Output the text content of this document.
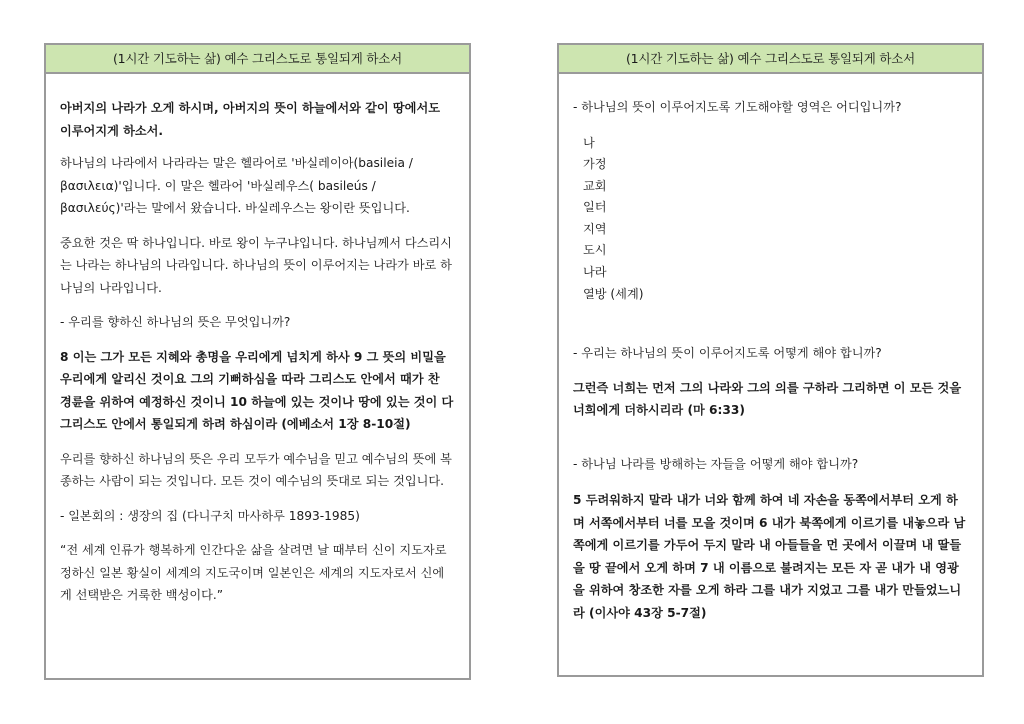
(1시간 기도하는 삶) 예수 그리스도로 통일되게 하소서

아버지의 나라가 오게 하시며, 아버지의 뜻이 하늘에서와 같이 땅에서도 이루어지게 하소서.

하나님의 나라에서 나라라는 말은 헬라어로 '바실레이아(basileia / βασιλεια)'입니다. 이 말은 헬라어 '바실레우스( basileús / βασιλεύς)'라는 말에서 왔습니다. 바실레우스는 왕이란 뜻입니다.

중요한 것은 딱 하나입니다. 바로 왕이 누구냐입니다. 하나님께서 다스리시는 나라는 하나님의 나라입니다. 하나님의 뜻이 이루어지는 나라가 바로 하나님의 나라입니다.

- 우리를 향하신 하나님의 뜻은 무엇입니까?

8 이는 그가 모든 지혜와 총명을 우리에게 넘치게 하사 9 그 뜻의 비밀을 우리에게 알리신 것이요 그의 기뻐하심을 따라 그리스도 안에서 때가 찬 경륜을 위하여 예정하신 것이니 10 하늘에 있는 것이나 땅에 있는 것이 다 그리스도 안에서 통일되게 하려 하심이라 (에베소서 1장 8-10절)

우리를 향하신 하나님의 뜻은 우리 모두가 예수님을 믿고 예수님의 뜻에 복종하는 사람이 되는 것입니다. 모든 것이 예수님의 뜻대로 되는 것입니다.

- 일본회의 : 생장의 집 (다니구치 마사하루 1893-1985)

“전 세계 인류가 행복하게 인간다운 삶을 살려면 날 때부터 신이 지도자로 정하신 일본 황실이 세계의 지도국이며 일본인은 세계의 지도자로서 신에게 선택받은 거룩한 백성이다.”

(1시간 기도하는 삶) 예수 그리스도로 통일되게 하소서

- 하나님의 뜻이 이루어지도록 기도해야할 영역은 어디입니까?

나
가정
교회
일터
지역
도시
나라
열방 (세계)

- 우리는 하나님의 뜻이 이루어지도록 어떻게 해야 합니까?

그런즉 너희는 먼저 그의 나라와 그의 의를 구하라 그리하면 이 모든 것을 너희에게 더하시리라 (마 6:33)

- 하나님 나라를 방해하는 자들을 어떻게 해야 합니까?

5 두려워하지 말라 내가 너와 함께 하여 네 자손을 동쪽에서부터 오게 하며 서쪽에서부터 너를 모을 것이며 6 내가 북쪽에게 이르기를 내놓으라 남쪽에게 이르기를 가두어 두지 말라 내 아들들을 먼 곳에서 이끌며 내 딸들을 땅 끝에서 오게 하며 7 내 이름으로 불려지는 모든 자 곧 내가 내 영광을 위하여 창조한 자를 오게 하라 그를 내가 지었고 그를 내가 만들었느니라 (이사야 43장 5-7절)
